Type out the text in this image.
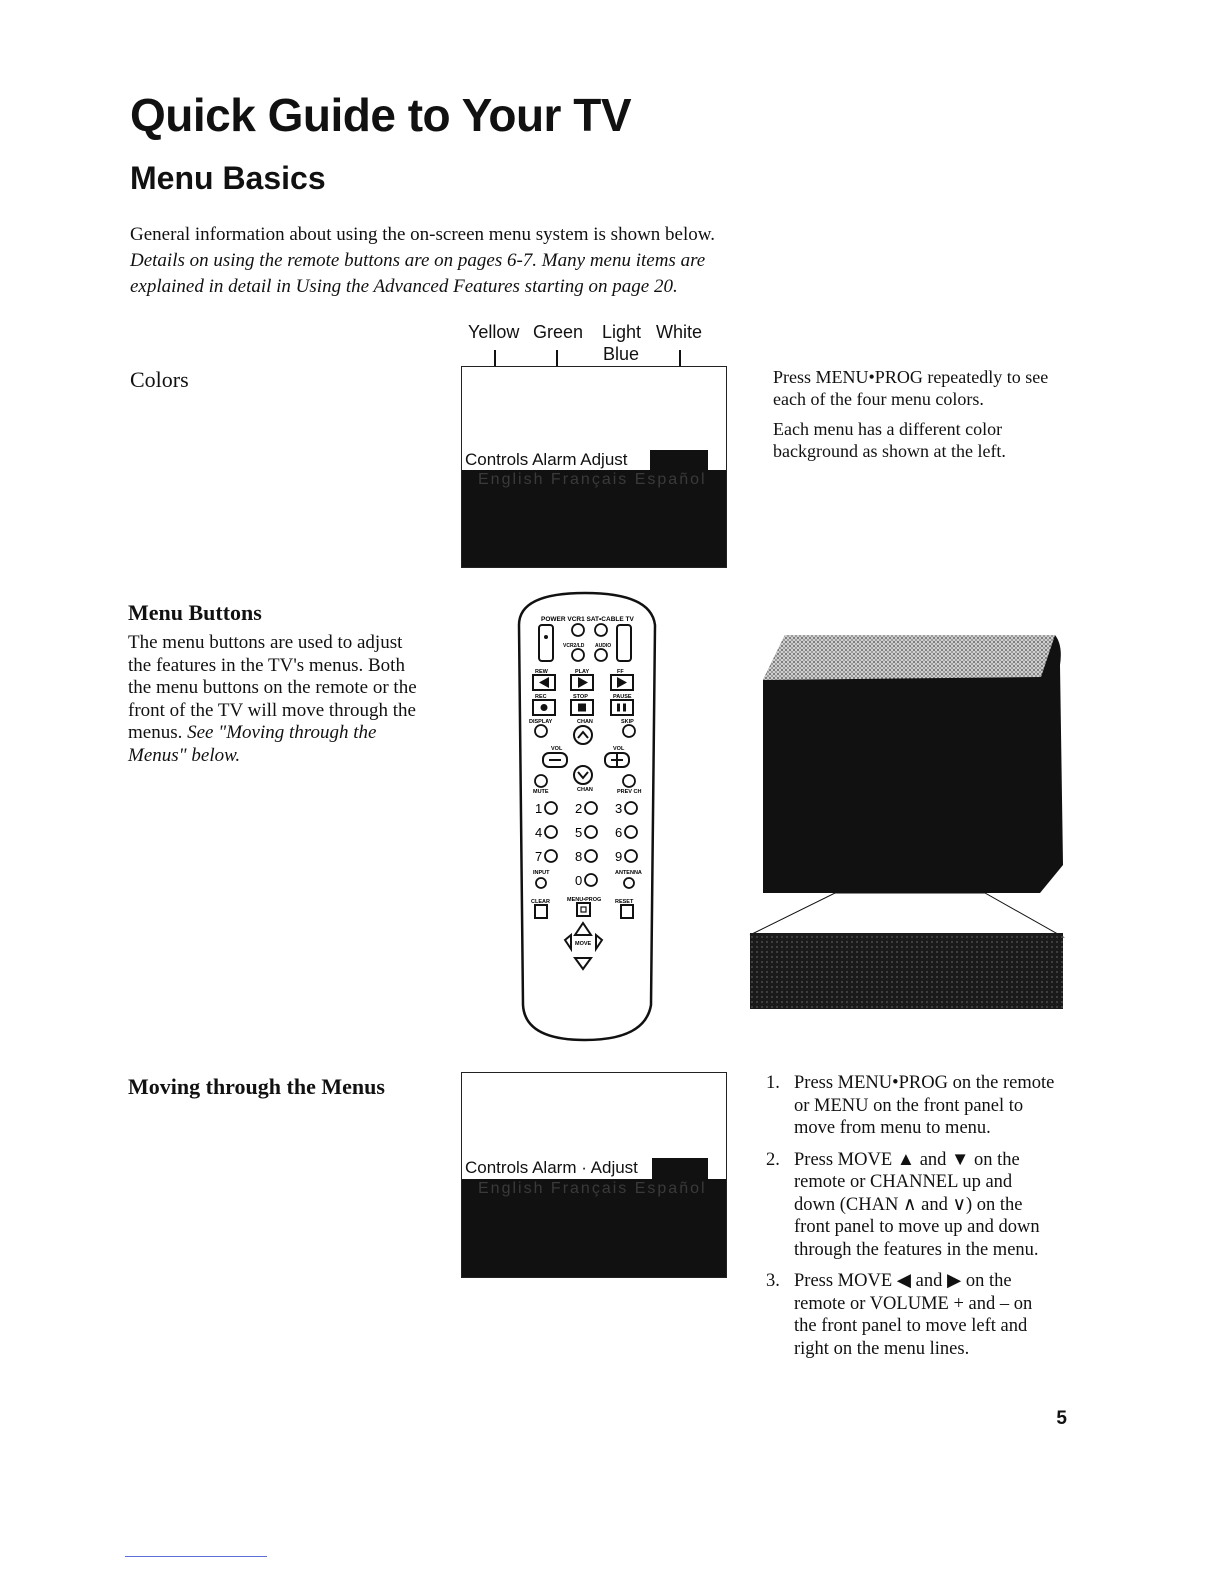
Quick Guide to Your TV
Menu Basics
General information about using the on-screen menu system is shown below. Details on using the remote buttons are on pages 6-7. Many menu items are explained in detail in Using the Advanced Features starting on page 20.
Colors
Yellow Green Light
Blue
White
Controls Alarm Adjust
English Français Español
Press MENU•PROG repeatedly to see each of the four menu colors.
Each menu has a different color background as shown at the left.
Menu Buttons
The menu buttons are used to adjust the features in the TV's menus. Both the menu buttons on the remote or the front of the TV will move through the menus. See "Moving through the Menus" below.
POWER VCR1 SAT•CABLE TV
VCR2/LD AUDIO
REW	PLAY	FF
REC	STOP	PAUSE
DISPLAY	CHAN	SKIP
VOL	VOL
MUTE	CHAN	PREV CH
1	2	3
4	5	6
7	8	9
0
INPUT	ANTENNA
CLEAR	MENU•PROG RESET
MOVE
Moving through the Menus
Controls Alarm · Adjust
English Français Español
1. Press MENU•PROG on the remote or MENU on the front panel to move from menu to menu.
2. Press MOVE ▲ and ▼ on the remote or CHANNEL up and down (CHAN ∧ and ∨) on the front panel to move up and down through the features in the menu.
3. Press MOVE ◀ and ▶ on the remote or VOLUME + and – on the front panel to move left and right on the menu lines.
5
